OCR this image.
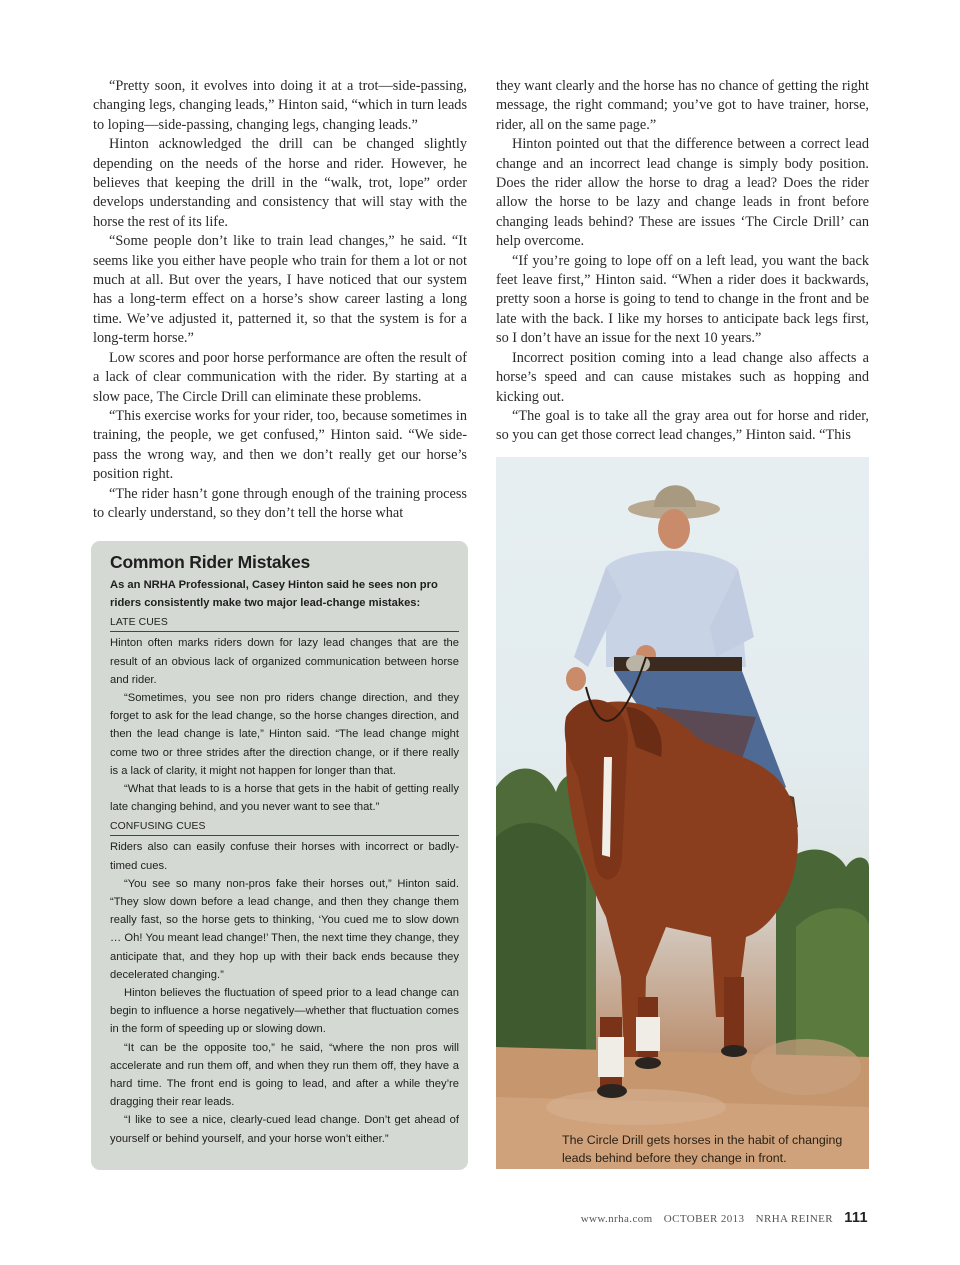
“Pretty soon, it evolves into doing it at a trot—side-passing, changing legs, changing leads,” Hinton said, “which in turn leads to loping—side-passing, changing legs, changing leads.”

Hinton acknowledged the drill can be changed slightly depending on the needs of the horse and rider. However, he believes that keeping the drill in the “walk, trot, lope” order develops understanding and consistency that will stay with the horse the rest of its life.

“Some people don’t like to train lead changes,” he said. “It seems like you either have people who train for them a lot or not much at all. But over the years, I have noticed that our system has a long-term effect on a horse’s show career lasting a long time. We’ve adjusted it, patterned it, so that the system is for a long-term horse.”

Low scores and poor horse performance are often the result of a lack of clear communication with the rider. By starting at a slow pace, The Circle Drill can eliminate these problems.

“This exercise works for your rider, too, because sometimes in training, the people, we get confused,” Hinton said. “We side-pass the wrong way, and then we don’t really get our horse’s position right.

“The rider hasn’t gone through enough of the training process to clearly understand, so they don’t tell the horse what

they want clearly and the horse has no chance of getting the right message, the right command; you’ve got to have trainer, horse, rider, all on the same page.”

Hinton pointed out that the difference between a correct lead change and an incorrect lead change is simply body position. Does the rider allow the horse to drag a lead? Does the rider allow the horse to be lazy and change leads in front before changing leads behind? These are issues ‘The Circle Drill’ can help overcome.

“If you’re going to lope off on a left lead, you want the back feet leave first,” Hinton said. “When a rider does it backwards, pretty soon a horse is going to tend to change in the front and be late with the back. I like my horses to anticipate back legs first, so I don’t have an issue for the next 10 years.”

Incorrect position coming into a lead change also affects a horse’s speed and can cause mistakes such as hopping and kicking out.

“The goal is to take all the gray area out for horse and rider, so you can get those correct lead changes,” Hinton said. “This

Common Rider Mistakes
As an NRHA Professional, Casey Hinton said he sees non pro riders consistently make two major lead-change mistakes:
LATE CUES

Hinton often marks riders down for lazy lead changes that are the result of an obvious lack of organized communication between horse and rider.

“Sometimes, you see non pro riders change direction, and they forget to ask for the lead change, so the horse changes direction, and then the lead change is late,” Hinton said. “The lead change might come two or three strides after the direction change, or if there really is a lack of clarity, it might not happen for longer than that.

“What that leads to is a horse that gets in the habit of getting really late changing behind, and you never want to see that.”

CONFUSING CUES

Riders also can easily confuse their horses with incorrect or badly-timed cues.

“You see so many non-pros fake their horses out,” Hinton said. “They slow down before a lead change, and then they change them really fast, so the horse gets to thinking, ‘You cued me to slow down … Oh! You meant lead change!’ Then, the next time they change, they anticipate that, and they hop up with their back ends because they decelerated changing.”

Hinton believes the fluctuation of speed prior to a lead change can begin to influence a horse negatively—whether that fluctuation comes in the form of speeding up or slowing down.

“It can be the opposite too,” he said, “where the non pros will accelerate and run them off, and when they run them off, they have a hard time. The front end is going to lead, and after a while they’re dragging their rear leads.

“I like to see a nice, clearly-cued lead change. Don’t get ahead of yourself or behind yourself, and your horse won’t either.”	The Circle Drill gets horses in the habit of changing leads behind before they change in front.
www.nrha.com OCTOBER 2013 NRHA REINER 111
